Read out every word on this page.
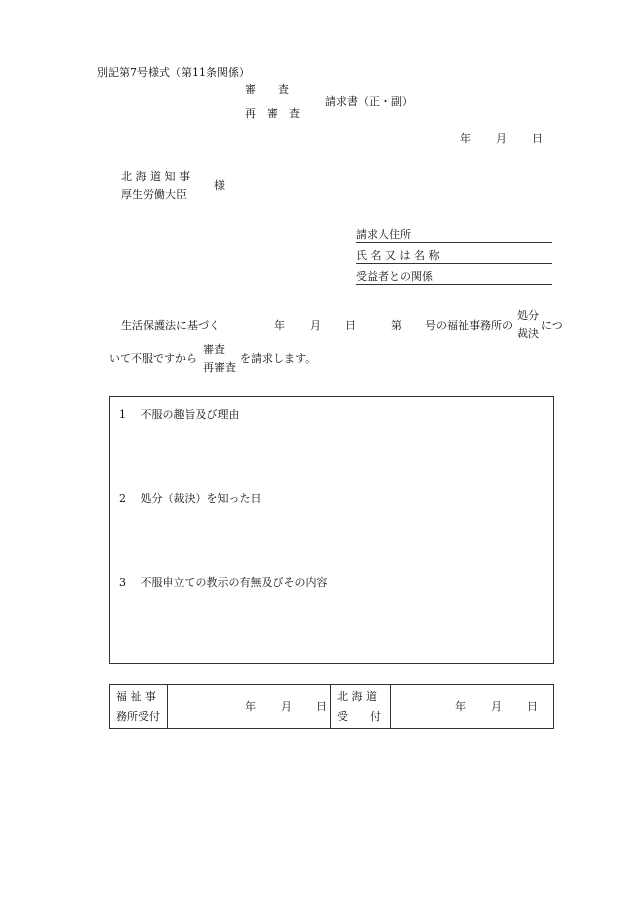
別記第7号様式（第11条関係）
審　　査
再　審　査
請求書（正・副）
年 月 日
北 海 道 知 事
厚生労働大臣
様
請求人住所
氏 名 又 は 名 称
受益者との関係
生活保護法に基づく	年 月 日	第 号の福祉事務所の
処分
裁決
につ
いて不服ですから
審査
再審査
を請求します。
1　 不服の趣旨及び理由
2　 処分（裁決）を知った日
3　 不服申立ての教示の有無及びその内容
福 祉 事
務所受付
年 月 日
北 海 道
受　　付
年 月 日
